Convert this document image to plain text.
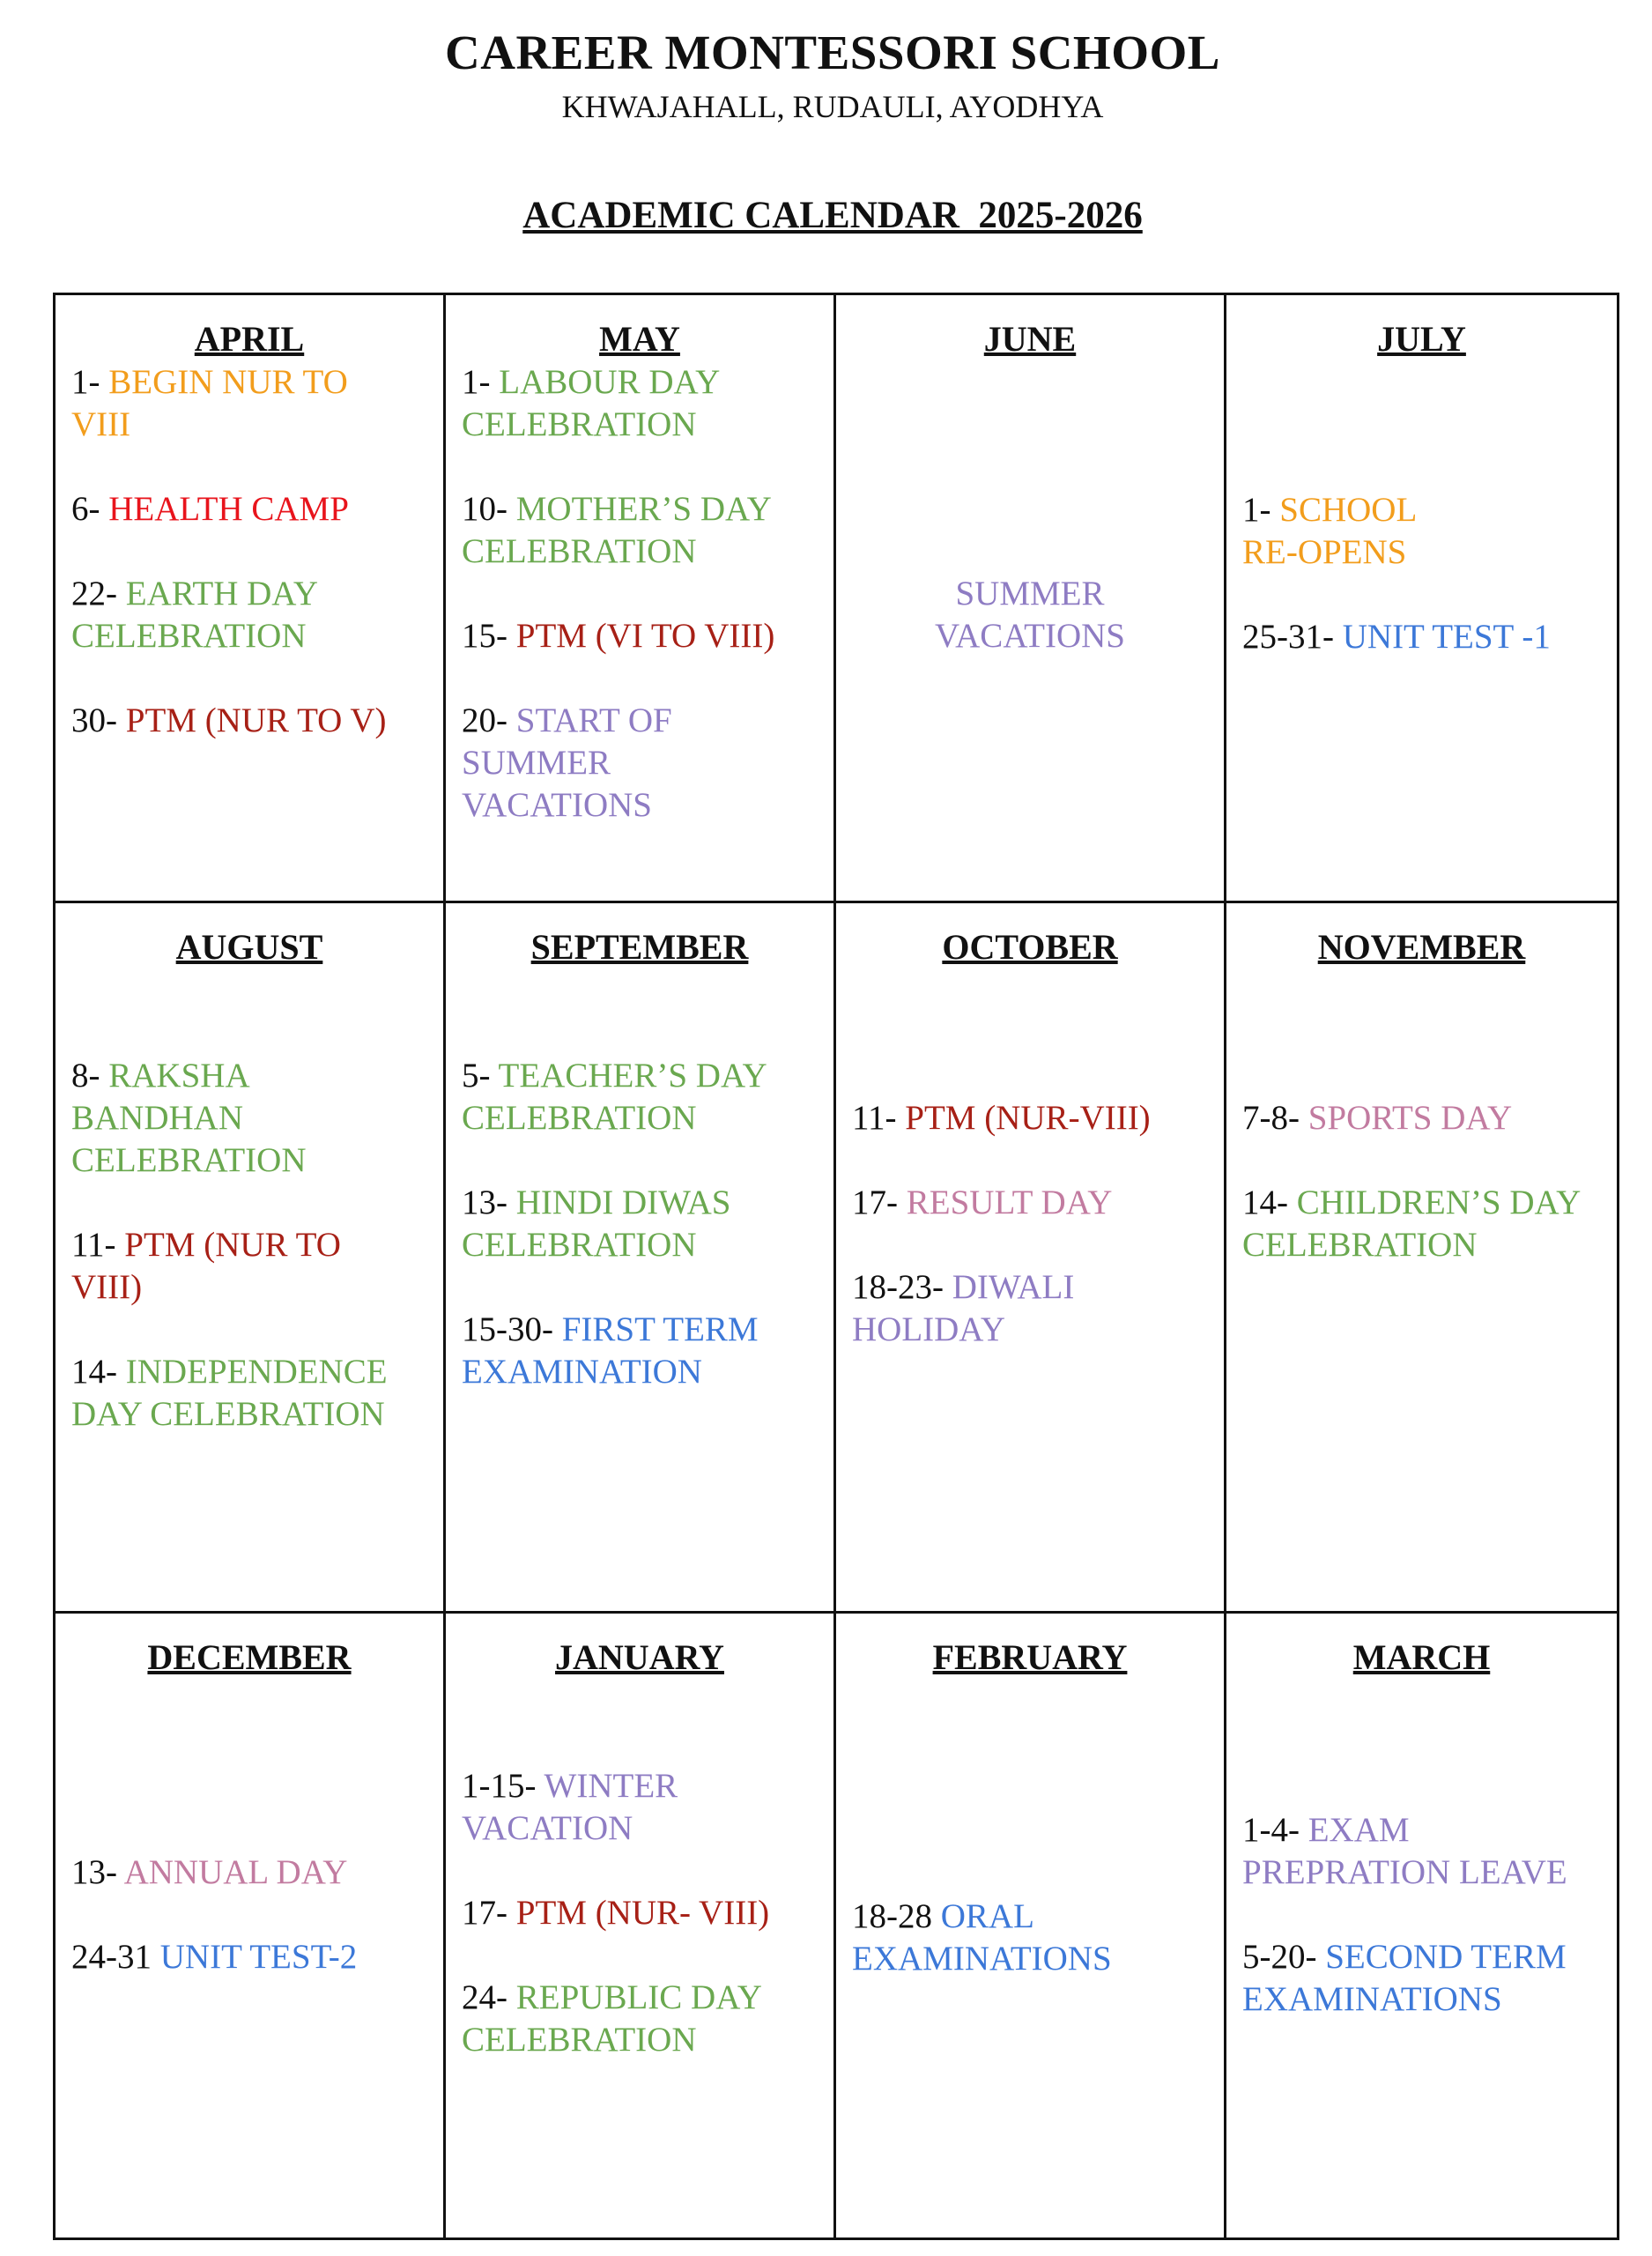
CAREER MONTESSORI SCHOOL
KHWAJAHALL, RUDAULI, AYODHYA
ACADEMIC CALENDAR  2025-2026
APRIL
1- BEGIN NUR TO VIII
6- HEALTH CAMP
22- EARTH DAY CELEBRATION
30- PTM (NUR TO V)
MAY
1- LABOUR DAY CELEBRATION
10- MOTHER’S DAY CELEBRATION
15- PTM (VI TO VIII)
20- START OF SUMMER VACATIONS
JUNE
SUMMER VACATIONS
JULY
1- SCHOOL RE-OPENS
25-31- UNIT TEST -1
AUGUST
8- RAKSHA BANDHAN CELEBRATION
11- PTM (NUR TO VIII)
14- INDEPENDENCE DAY CELEBRATION
SEPTEMBER
5- TEACHER’S DAY CELEBRATION
13- HINDI DIWAS CELEBRATION
15-30- FIRST TERM EXAMINATION
OCTOBER
11- PTM (NUR-VIII)
17- RESULT DAY
18-23- DIWALI HOLIDAY
NOVEMBER
7-8- SPORTS DAY
14- CHILDREN’S DAY CELEBRATION
DECEMBER
13- ANNUAL DAY
24-31 UNIT TEST-2
JANUARY
1-15- WINTER VACATION
17- PTM (NUR- VIII)
24- REPUBLIC DAY CELEBRATION
FEBRUARY
18-28 ORAL EXAMINATIONS
MARCH
1-4- EXAM PREPRATION LEAVE
5-20- SECOND TERM EXAMINATIONS
